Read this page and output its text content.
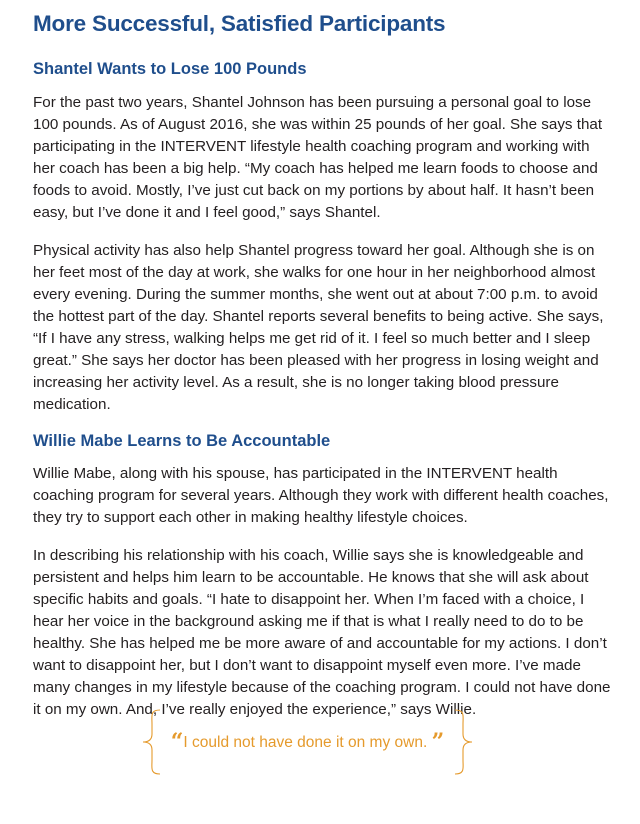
More Successful, Satisfied Participants
Shantel Wants to Lose 100 Pounds

For the past two years, Shantel Johnson has been pursuing a personal goal to lose 100 pounds. As of August 2016, she was within 25 pounds of her goal. She says that participating in the INTERVENT lifestyle health coaching program and working with her coach has been a big help. “My coach has helped me learn foods to choose and foods to avoid. Mostly, I’ve just cut back on my portions by about half. It hasn’t been easy, but I’ve done it and I feel good,” says Shantel.

Physical activity has also help Shantel progress toward her goal. Although she is on her feet most of the day at work, she walks for one hour in her neighborhood almost every evening. During the summer months, she went out at about 7:00 p.m. to avoid the hottest part of the day. Shantel reports several benefits to being active. She says, “If I have any stress, walking helps me get rid of it. I feel so much better and I sleep great.” She says her doctor has been pleased with her progress in losing weight and increasing her activity level. As a result, she is no longer taking blood pressure medication.

Willie Mabe Learns to Be Accountable

Willie Mabe, along with his spouse, has participated in the INTERVENT health coaching program for several years. Although they work with different health coaches, they try to support each other in making healthy lifestyle choices.

In describing his relationship with his coach, Willie says she is knowledgeable and persistent and helps him learn to be accountable. He knows that she will ask about specific habits and goals. “I hate to disappoint her. When I’m faced with a choice, I hear her voice in the background asking me if that is what I really need to do to be healthy. She has helped me be more aware of and accountable for my actions. I don’t want to disappoint her, but I don’t want to disappoint myself even more. I’ve made many changes in my lifestyle because of the coaching program. I could not have done it on my own. And, I’ve really enjoyed the experience,” says Willie.

“I could not have done it on my own. ”
